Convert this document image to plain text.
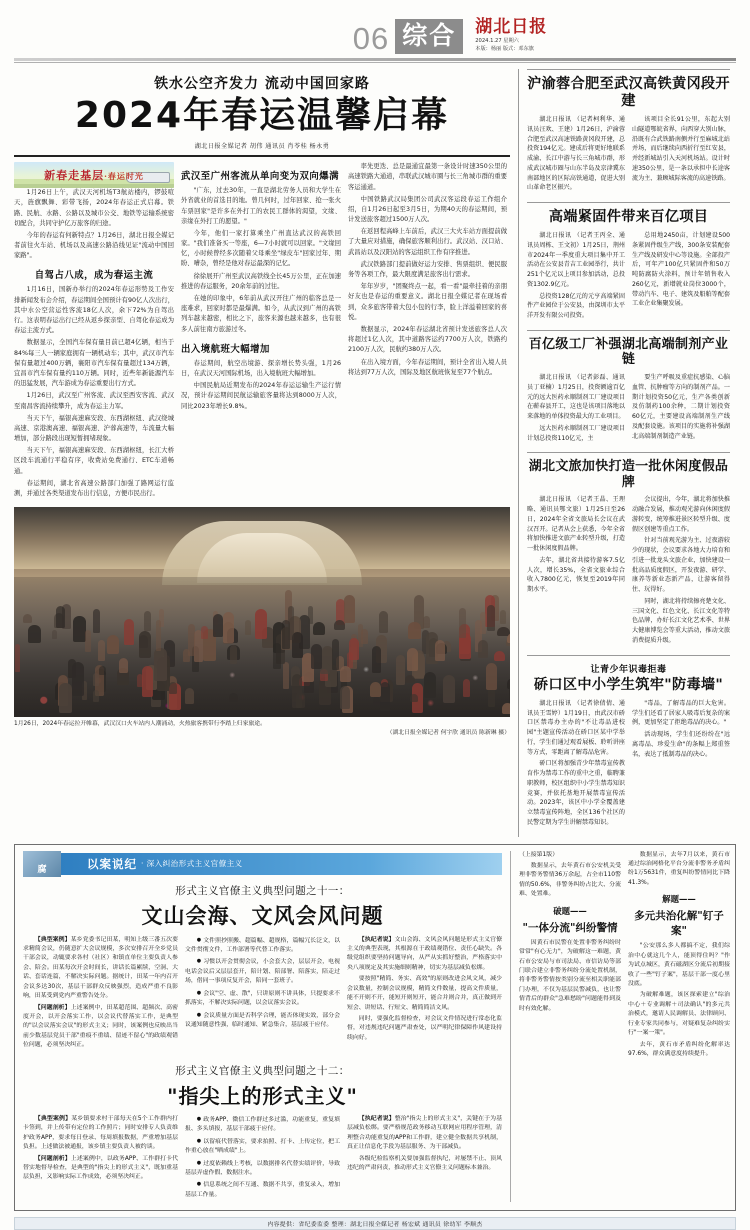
06 综合	湖北日报
2024.1.27 星期六
本版：杨丽 版式：邓东旗
铁水公空齐发力 流动中国回家路
2024年春运温馨启幕
湖北日报全媒记者 胡伟 通讯员 肖苓桂 杨永勇
新春走基层·春运时光

1月26日上午，武汉天河机场T3航站楼内，锣鼓喧天，旌旗飘舞、彩带飞扬，2024年春运正式启幕。铁路、民航、水路、公路以及城市公交、地铁等运输系统密切配合，共同守护亿万旅客的归途。

今年的春运有何新特点？1月26日，湖北日报全媒记者前往火车站、机场以及高速公路沿线见证"流动中国回家路"。

自驾占八成，成为春运主流

1月16日，国新办举行的2024年春运形势及工作安排新闻发布会介绍，春运期间全国预计有90亿人次出行，其中水公空营运性客流18亿人次，余下72%为自驾出行。这表明春运出行已经从返乡探亲型、自驾化春运成为春运主流方式。

数据显示，全国汽车保有量目前已超4亿辆，相当于84%每三人一辆家庭拥有一辆机动车；其中，武汉市汽车保有量超过400万辆，襄阳市汽车保有量超过134万辆，宜昌市汽车保有量约110万辆。同时，近些年新能源汽车的迅猛发展，汽车游成为春运重要出行方式。

1月26日，武汉至广州客流、武汉至西安客流、武汉至南昌客流持续攀升，成为春运主力军。

当天下午，福银高速麻安段、东西湖枢纽、武汉绕城高速、京港澳高速、福银高速、沪蓉高速等，车流量大幅增加，部分路段出现短暂拥堵现象。

当天下午，福银高速麻安段、东西湖枢纽，长江大桥区段车流通行平稳有序，收费站免费通行、ETC车道畅通。

春运期间，湖北省高速公路部门加强了路网运行监测，并通过各类渠道发布出行信息，方便市民出行。

武汉至广州客流从单向变为双向爆满

"广东，过去30年，一直是湖北劳务人员和大学生在外省就业的首选目的地。曾几何时，过年回家、抢一张火车票回家"是许多在外打工的农民工群体的渴望，文缘、亲缘在外打工的愿望。"

今年，他们一家打算乘坐广州直达武汉的高铁回家。"我们准备买一等座，6—7小时就可以回家。"文缘回忆，小时候曾经多次随着父母乘坐"绿皮车"回家过年、期盼、嘈杂，曾经是他对春运最深的记忆。

徐徐展开广州至武汉高铁线全长45万公里，正在加速推进的春运服务，20余年前的过往。

在她的印象中，6年前从武汉开往广州的临客总是一座难求，回家时都是最爆满。如今，从武汉到广州的高铁列车越来越密，相比之下，旅客来源也越来越多，也有很多人前往南方旅游过冬。

出入境航班大幅增加

春运期间，航空出境游、探亲增长势头强，1月26日，在武汉天河国际机场，出入境航班大幅增加。

中国民航局近期发布的2024年春运运输生产运行情况，预计春运期间民航运输旅客量将达到8000万人次，同比2023年增长9.8%。

率先更迭、总是最通宜最第一条设计时速350公里的高速铁路大通道，串联武汉城市圈与长三角城市群的重要客运通道。

中国铁路武汉局集团公司武汉客运段春运工作组介绍，自1月26日起至3月5日，为期40天的春运期间，预计发送旅客超过1500万人次。

在返回程高峰上车前后，武汉三大火车站方面提前做了大量应对措施，确保旅客顺利出行。武汉站、汉口站、武昌站以及汉阳站的客运组织工作有序推进。

武汉铁路部门提前做好运力安排、售票组织、便民服务等各项工作，最大限度满足旅客出行需求。

年年岁岁，"团聚终点一起，看一看"最牵挂着的亲朋好友也是春运的重要意义。湖北日报全媒记者在现场看到，众多旅客带着大包小包的行李，脸上洋溢着回家的喜悦。

数据显示，2024年春运湖北省预计发送旅客总人次将超过1亿人次，其中道路客运约7700万人次，铁路约2100万人次，民航约380万人次。

在出入境方面，今年春运期间，预计全省出入境人员将达到77万人次，国际及地区航班恢复至77个航点。

1月26日，2024年春运拉开帷幕，武汉汉口火车站内人潮涌动，火热旅客携带行李踏上归家旅途。
（湖北日报全媒记者 何宇欣 通讯员 陈新琳 摄）
沪渝蓉合肥至武汉高铁黄冈段开建

湖北日报讯 （记者柯利华、通讯员汪欢、王建）1月26日，沪渝蓉合肥至武汉高速铁路黄冈段开建，总投资194亿元。建成后将更好地联系成渝、长江中游与长三角城市群，形成武汉城市圈与山东半岛及京津冀东南部地区的区际高铁通道，促进大别山革命老区振兴。

该项目全长91公里，东起大别山隧道鄂皖省界，向西穿大别山脉，沿既有合武铁路南侧并行至麻城北站并场，而后继续向西折行至红安县，并经新城站引入天河机场站。设计时速350公里，是一条以承担中长途客流为主、兼顾城际客流的高速铁路。

高端紧固件带来百亿项目

湖北日报讯 （记者王丙全、通讯员周栋、王文初）1月25日，荆州市2024年一季度重大项目集中开工活动在公安县青吉工业园举行，共计251个亿元以上项目参加活动，总投资1302.9亿元。

总投资128亿元的元亨高端紧固件产业园位于公安县，由深圳市太平洋开发有限公司投资。

总用地2450亩，计划建设500条紧固件级生产线，300条安装配套生产线及研发中心等设施。全部投产后，可年产100亿只紧固件和50万吨防腐防火涂料，预计年销售收入260亿元，新增就业岗位3000个，带动汽车、电子、建筑及船舶等配套工业企业集聚发展。

百亿级工厂补强湖北高端制剂产业链

湖北日报讯 （记者彭磊、通讯员丁亚楠）1月25日，投资额逾百亿元的远大医药永顺制剂工厂建设项目在蕲春县开工，这也是该项目落地以来落地的单体投资最大的工业项目。

远大医药永顺制剂工厂建设项目计划总投资110亿元，主

要生产呼吸及重症抗感染、心脑血管、抗肿瘤等方向的制剂产品。一期计划投资50亿元，生产各类创新及仿制药100余种，二期计划投资60亿元，主要建设高端制剂生产线及配套设施。该项目的实施将补强湖北高端制剂制造产业链。

湖北文旅加快打造一批休闲度假品牌

湖北日报讯 （记者王晶、王理略、通讯员鄂文旅）1月25日至26日，2024年全省文旅局长会议在武汉召开。记者从会上获悉，今年全省将加快推进文旅产业转型升级，打造一批休闲度假品牌。

去年，湖北省共接待游客7.5亿人次，增长35%，全省文旅业综合收入7800亿元，恢复至2019年同期水平。

会议提出，今年，湖北将加快推动融合发展，推动观光游向休闲度假游转变，统筹推进景区转型升级、度假区创建等重点工作。

针对当前观光游为主、过夜游较少的现状，会议要求各地大力培育和引进一批龙头文旅企业，加快建设一批高品质度假区，开发夜游、研学、康养等新业态新产品，让游客留得住、玩得好。

同时，湖北将持续擦亮楚文化、三国文化、红色文化、长江文化等特色品牌，办好长江文化艺术季、世界大健康博览会等重大活动，推动文旅消费提质升级。

让青少年识毒拒毒
硚口区中小学生筑牢"防毒墙"

湖北日报讯 （记者徐倩倩、通讯员王雪婷）1月19日，由武汉市硚口区禁毒办主办的"不让毒品进校园"主题宣传活动在硚口区某中学举行，学生们通过观看展板、聆听讲座等方式，零距离了解毒品危害。

硚口区将加强青少年禁毒宣传教育作为禁毒工作的重中之重，临聘兼职教师，校区组织中小学生禁毒知识竞赛，并依托基地开展禁毒宣传活动。2023年，该区中小学全覆盖建立禁毒宣传阵地，全区136个社区的民警定期为学生讲解禁毒知识。

"毒品，了解毒品的巨大危害。学生们还看了居家人吸毒后复杂的案例，更加坚定了拒绝毒品的决心。"

活动现场，学生们还纷纷在"远离毒品、珍爱生命"的条幅上郑重签名，表达了抵制毒品的决心。

腐	以案说纪 · 深入纠治形式主义官僚主义
形式主义官僚主义典型问题之十一：
文山会海、文风会风问题

【典型案例】某乡党委书记田某，明知上级三番五次要求精简会议，仍随意扩大会议规模，多次安排召开全乡党员干部会议，动辄要求各村（社区）和镇直单位主要负责人参会、陪会。田某每次开会时间长，讲话长篇累牍，空洞、大话、套话连篇，不解决实际问题。据统计，田某一年内召开会议多达30次，基层干部群众反映强烈，造成严重不良影响，田某受到党内严重警告处分。

【问题剖析】上述案例中，田某超范围、超频次、高密度开会，以开会落实工作，以会议代替落实工作，是典型的"以会议落实会议"的形式主义；同时，该案例也反映出当前少数基层党员干部"重痕不重绩、留迹不留心"的政绩观错位问题，必须坚决纠正。

● 文件照抄照搬、超篇幅、超规格，篇幅冗长泛文，以文件贯彻文件，工作部署等代替工作落实。

● 习惯以开会贯彻会议，小会套大会，层层开会，电视电话会议后又层层套开，陪计划、陪部署、陪落实，陪走过场，借同一事项反复开会，陪同一套班子。

● 会议"空、虚、散"，只讲原则不讲具体，只提要求不抓落实，不解决实际问题，以会议落实会议。

● 会议质量方面是否科学合理，能否体现实效，部分会议通知随意性强，临时通知、紧急集合，基层疲于应付。

【执纪者说】文山会海、文风会风问题是形式主义官僚主义的典型表现，其根源在于政绩观错位、责任心缺失。各级党组织要坚持问题导向，从严从实抓好整治，严格落实中央八项规定及其实施细则精神，切实为基层减负松绑。

要按照"精简、务实、高效"的原则改进会风文风，减少会议数量，控制会议规模，精简文件数量，提高文件质量，能不开则不开，能短开则短开，能合并则合并，真正做到开短会、讲短话、行短文、精简简洁文风。

同时，要强化监督检查，对会议文件情况进行常态化监督，对违规违纪问题严肃查处，以严明纪律保障作风建设持续向好。

形式主义官僚主义典型问题之十二：
"指尖上的形式主义"

【典型案例】某乡镇要求村干部每天在5个工作群内打卡签到，并上传带有定位的工作照片；同时安排专人负责维护政务APP，要求每日登录、每周填报数据，严重增加基层负担。上述做法被通报，该乡镇主要负责人被约谈。

【问题剖析】上述案例中，以政务APP、工作群打卡代替实地督导检查，是典型的"指尖上的形式主义"，既加重基层负担，又影响实际工作成效，必须坚决纠正。

● 政务APP、微信工作群过多过滥，功能重复，重复填报、多头填报，基层干部疲于应付。

● 以留痕代替落实，要求拍照、打卡、上传定位，把工作重心放在"晒成绩"上。

● 过度依赖线上考核，以数据排名代替实绩评价，导致基层弄虚作假、数据注水。

● 信息系统之间不互通、数据不共享，重复录入，增加基层工作量。

【执纪者说】整治"指尖上的形式主义"，关键在于为基层减负松绑。要严格规范政务移动互联网应用程序管理，清理整合功能重复的APP和工作群，建立健全数据共享机制，真正让信息化手段为基层服务、为干部减负。

各级纪检监察机关要加强监督执纪，对屡禁不止、顶风违纪的严肃问责，推动形式主义官僚主义问题标本兼治。

（上接第1版）

数据显示，去年黄石市公安机关受理非警务警情36万余起，占全市110警情的50.6%，非警务纠纷占比大、分流难、处置难。

破题——
"一体分流"纠纷警情

因黄石市民警在处置非警务纠纷时常常"有心无力"，为破解这一难题，黄石市公安局与市司法局、市信访局等部门联合建立非警务纠纷分流处置机制，将非警务警情按类别分流至相关职能部门办理，不仅为基层民警减负，也让警情背后的群众"急难愁盼"问题能得到及时有效化解。

数据显示，去年7月以来，黄石市通过综治网格化平台分流非警务矛盾纠纷1万5631件，重复纠纷警情同比下降41.3%。

解题——
多元共治化解"钉子案"

"公安那么多人都搞不定，我们综治中心就这几个人，能顶得住吗？"作为试点城区，黄石磁湖区分流后初期接收了一些"钉子案"，基层干部一度心里没底。

为破解难题，该区探索建立"综治中心＋专业调解＋司法确认"的多元共治模式，邀请人民调解员、法律顾问、行业专家共同参与，对疑难复杂纠纷实行"一案一策"。

去年，黄石市矛盾纠纷化解率达97.6%，群众满意度持续提升。

内容提供：省纪委监委 整理：湖北日报全媒记者 杨宏斌 通讯员 徐幼军 李顺杰
